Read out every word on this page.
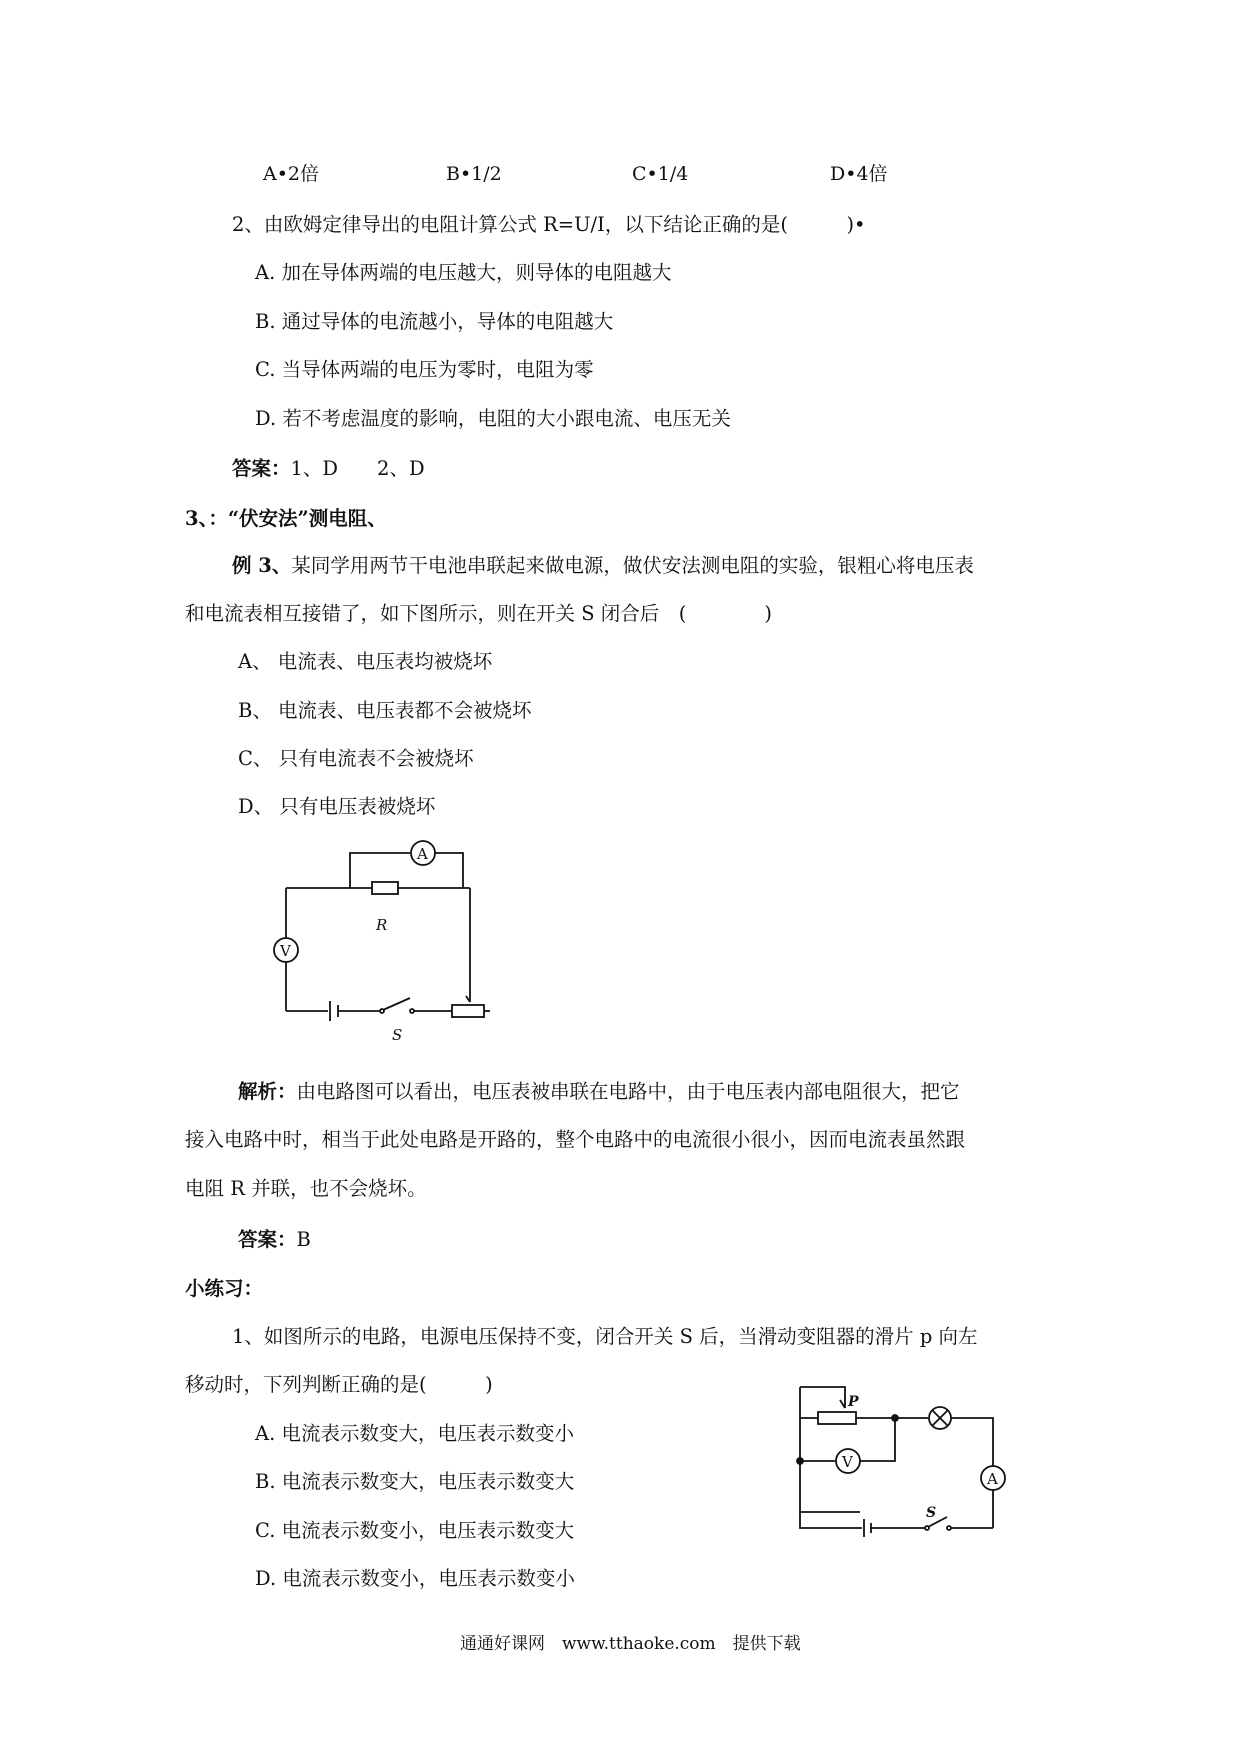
A•2倍	B•1/2	C•1/4	D•4倍
2、由欧姆定律导出的电阻计算公式 R=U/I，以下结论正确的是(　　　)•
A. 加在导体两端的电压越大，则导体的电阻越大
B. 通过导体的电流越小，导体的电阻越大
C. 当导体两端的电压为零时，电阻为零
D. 若不考虑温度的影响，电阻的大小跟电流、电压无关
答案：1、D　　2、D
3、：“伏安法”测电阻、
例 3、某同学用两节干电池串联起来做电源，做伏安法测电阻的实验，银粗心将电压表
和电流表相互接错了，如下图所示，则在开关 S 闭合后　(　　　　)
A、 电流表、电压表均被烧坏
B、 电流表、电压表都不会被烧坏
C、 只有电流表不会被烧坏
D、 只有电压表被烧坏
A
R
V
S
解析：由电路图可以看出，电压表被串联在电路中，由于电压表内部电阻很大，把它
接入电路中时，相当于此处电路是开路的，整个电路中的电流很小很小，因而电流表虽然跟
电阻 R 并联，也不会烧坏。
答案：B
小练习：
1、如图所示的电路，电源电压保持不变，闭合开关 S 后，当滑动变阻器的滑片 p 向左
移动时，下列判断正确的是(　　　)
A. 电流表示数变大，电压表示数变小
B. 电流表示数变大，电压表示数变大
C. 电流表示数变小，电压表示数变大
D. 电流表示数变小，电压表示数变小
P
V
A
S
通通好课网　www.tthaoke.com　提供下载
